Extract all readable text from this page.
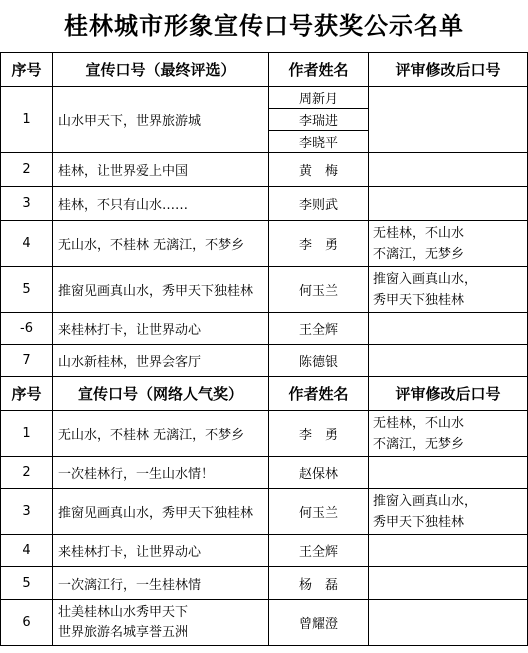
桂林城市形象宣传口号获奖公示名单
序号	宣传口号（最终评选）	作者姓名	评审修改后口号
1	山水甲天下，世界旅游城	周新月	
		李瑞进	
		李晓平	
2	桂林，让世界爱上中国	黄　梅	
3	桂林，不只有山水……	李则武	
4	无山水，不桂林 无漓江，不梦乡	李　勇	无桂林，不山水
不漓江，无梦乡

5	推窗见画真山水，秀甲天下独桂林	何玉兰	推窗入画真山水，
秀甲天下独桂林

-6	来桂林打卡，让世界动心	王全辉	
7	山水新桂林，世界会客厅	陈德银	
序号	宣传口号（网络人气奖）	作者姓名	评审修改后口号
1	无山水，不桂林 无漓江，不梦乡	李　勇	无桂林，不山水
不漓江，无梦乡

2	一次桂林行，一生山水情！	赵保林	
3	推窗见画真山水，秀甲天下独桂林	何玉兰	推窗入画真山水，
秀甲天下独桂林

4	来桂林打卡，让世界动心	王全辉	
5	一次漓江行，一生桂林情	杨　磊	
6	壮美桂林山水秀甲天下
世界旅游名城享誉五洲	曾耀澄	
